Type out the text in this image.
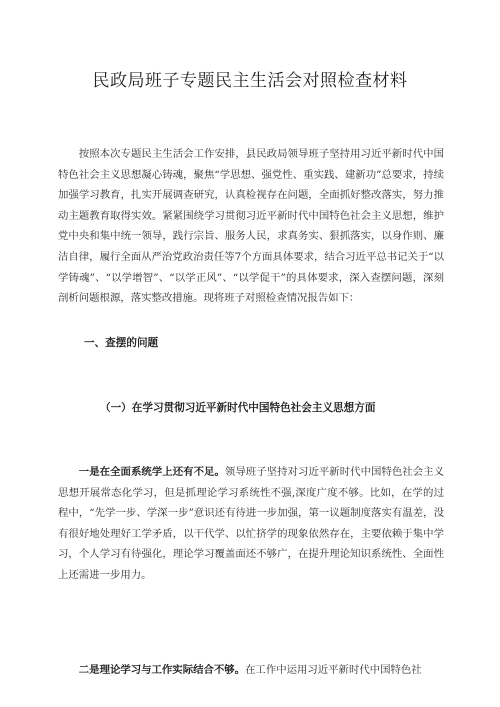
民政局班子专题民主生活会对照检查材料
按照本次专题民主生活会工作安排，县民政局领导班子坚持用习近平新时代中国特色社会主义思想凝心铸魂，聚焦“学思想、强党性、重实践、建新功”总要求，持续加强学习教育，扎实开展调查研究，认真检视存在问题，全面抓好整改落实，努力推动主题教育取得实效。紧紧围绕学习贯彻习近平新时代中国特色社会主义思想，维护党中央和集中统一领导，践行宗旨、服务人民，求真务实、狠抓落实，以身作则、廉洁自律，履行全面从严治党政治责任等7个方面具体要求，结合习近平总书记关于“以学铸魂”、“以学增智”、“以学正风”、“以学促干”的具体要求，深入查摆问题，深刻剖析问题根源，落实整改措施。现将班子对照检查情况报告如下：
一、查摆的问题
（一）在学习贯彻习近平新时代中国特色社会主义思想方面
一是在全面系统学上还有不足。领导班子坚持对习近平新时代中国特色社会主义思想开展常态化学习，但是抓理论学习系统性不强,深度广度不够。比如，在学的过程中，“先学一步、学深一步”意识还有待进一步加强，第一议题制度落实有温差，没有很好地处理好工学矛盾，以干代学、以忙挤学的现象依然存在，主要依赖于集中学习，个人学习有待强化，理论学习覆盖面还不够广，在提升理论知识系统性、全面性上还需进一步用力。
二是理论学习与工作实际结合不够。在工作中运用习近平新时代中国特色社
